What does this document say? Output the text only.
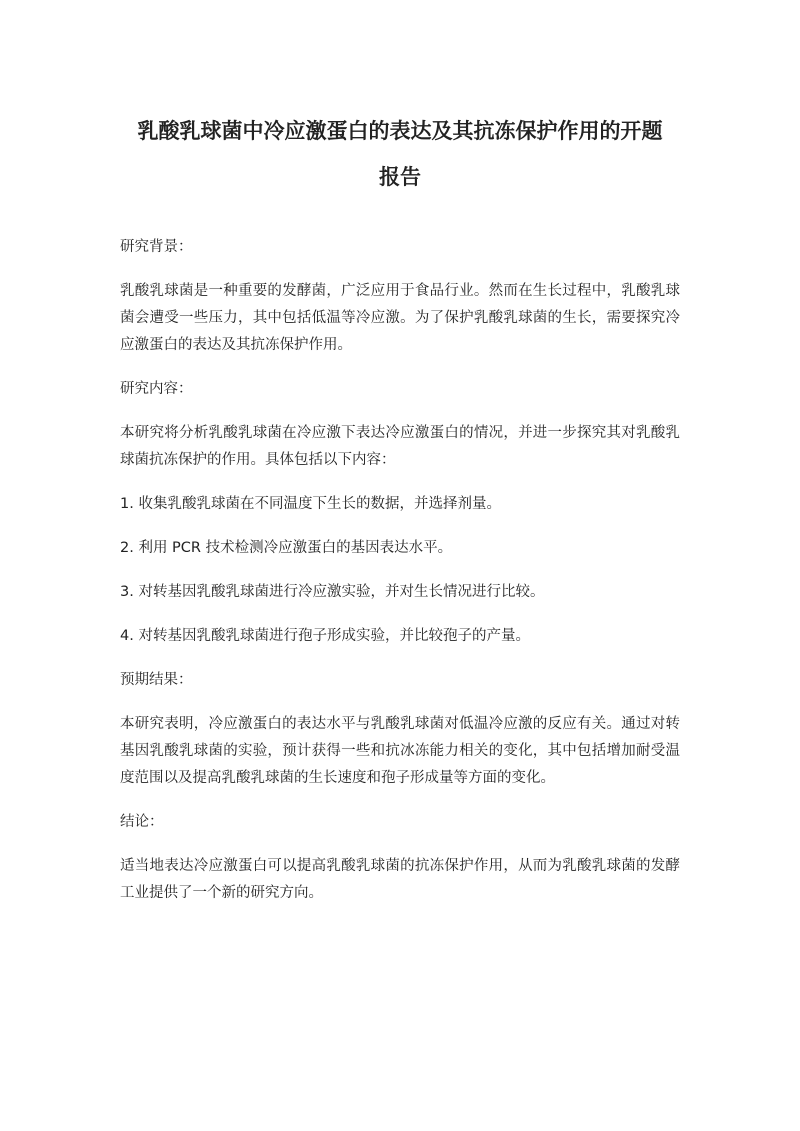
乳酸乳球菌中冷应激蛋白的表达及其抗冻保护作用的开题
报告

研究背景：

乳酸乳球菌是一种重要的发酵菌，广泛应用于食品行业。然而在生长过程中，乳酸乳球菌会遭受一些压力，其中包括低温等冷应激。为了保护乳酸乳球菌的生长，需要探究冷应激蛋白的表达及其抗冻保护作用。

研究内容：

本研究将分析乳酸乳球菌在冷应激下表达冷应激蛋白的情况，并进一步探究其对乳酸乳球菌抗冻保护的作用。具体包括以下内容：

1. 收集乳酸乳球菌在不同温度下生长的数据，并选择剂量。

2. 利用 PCR 技术检测冷应激蛋白的基因表达水平。

3. 对转基因乳酸乳球菌进行冷应激实验，并对生长情况进行比较。

4. 对转基因乳酸乳球菌进行孢子形成实验，并比较孢子的产量。

预期结果：

本研究表明，冷应激蛋白的表达水平与乳酸乳球菌对低温冷应激的反应有关。通过对转基因乳酸乳球菌的实验，预计获得一些和抗冰冻能力相关的变化，其中包括增加耐受温度范围以及提高乳酸乳球菌的生长速度和孢子形成量等方面的变化。

结论：

适当地表达冷应激蛋白可以提高乳酸乳球菌的抗冻保护作用，从而为乳酸乳球菌的发酵工业提供了一个新的研究方向。
